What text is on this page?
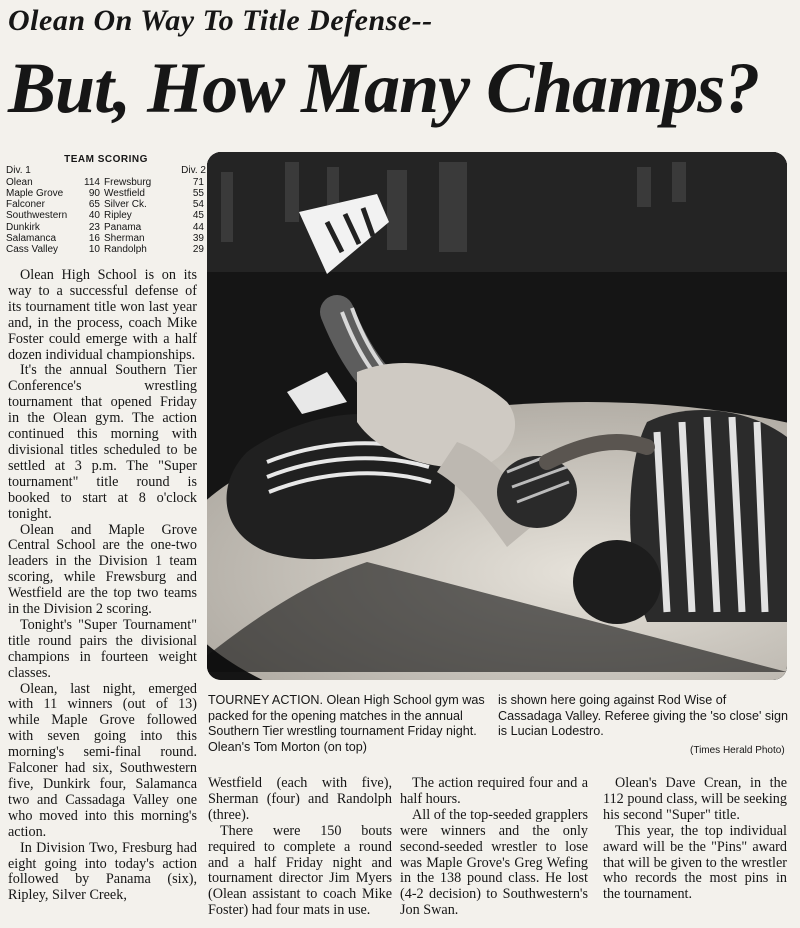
Olean On Way To Title Defense--
But, How Many Champs?
TEAM SCORING
Div. 1	Div. 2
Olean	114 Frewsburg	71
Maple Grove	90 Westfield	55
Falconer	65 Silver Ck.	54
Southwestern	40 Ripley	45
Dunkirk	23 Panama	44
Salamanca	16 Sherman	39
Cass Valley	10 Randolph	29

Olean High School is on its way to a successful defense of its tournament title won last year and, in the process, coach Mike Foster could emerge with a half dozen individual championships.

It's the annual Southern Tier Conference's wrestling tournament that opened Friday in the Olean gym. The action continued this morning with divisional titles scheduled to be settled at 3 p.m. The "Super tournament" title round is booked to start at 8 o'clock tonight.

Olean and Maple Grove Central School are the one-two leaders in the Division 1 team scoring, while Frewsburg and Westfield are the top two teams in the Division 2 scoring.

Tonight's "Super Tournament" title round pairs the divisional champions in fourteen weight classes.

Olean, last night, emerged with 11 winners (out of 13) while Maple Grove followed with seven going into this morning's semi-final round. Falconer had six, Southwestern five, Dunkirk four, Salamanca two and Cassadaga Valley one who moved into this morning's action.

In Division Two, Fresburg had eight going into today's action followed by Panama (six), Ripley, Silver Creek,

TOURNEY ACTION. Olean High School gym was packed for the opening matches in the annual Southern Tier wrestling tournament Friday night. Olean's Tom Morton (on top)
is shown here going against Rod Wise of Cassadaga Valley. Referee giving the 'so close' sign is Lucian Lodestro.
(Times Herald Photo)

Westfield (each with five), Sherman (four) and Randolph (three).

There were 150 bouts required to complete a round and a half Friday night and tournament director Jim Myers (Olean assistant to coach Mike Foster) had four mats in use.

The action required four and a half hours.

All of the top-seeded grapplers were winners and the only second-seeded wrestler to lose was Maple Grove's Greg Wefing in the 138 pound class. He lost (4-2 decision) to Southwestern's Jon Swan.

Olean's Dave Crean, in the 112 pound class, will be seeking his second "Super" title.

This year, the top individual award will be the "Pins" award that will be given to the wrestler who records the most pins in the tournament.
